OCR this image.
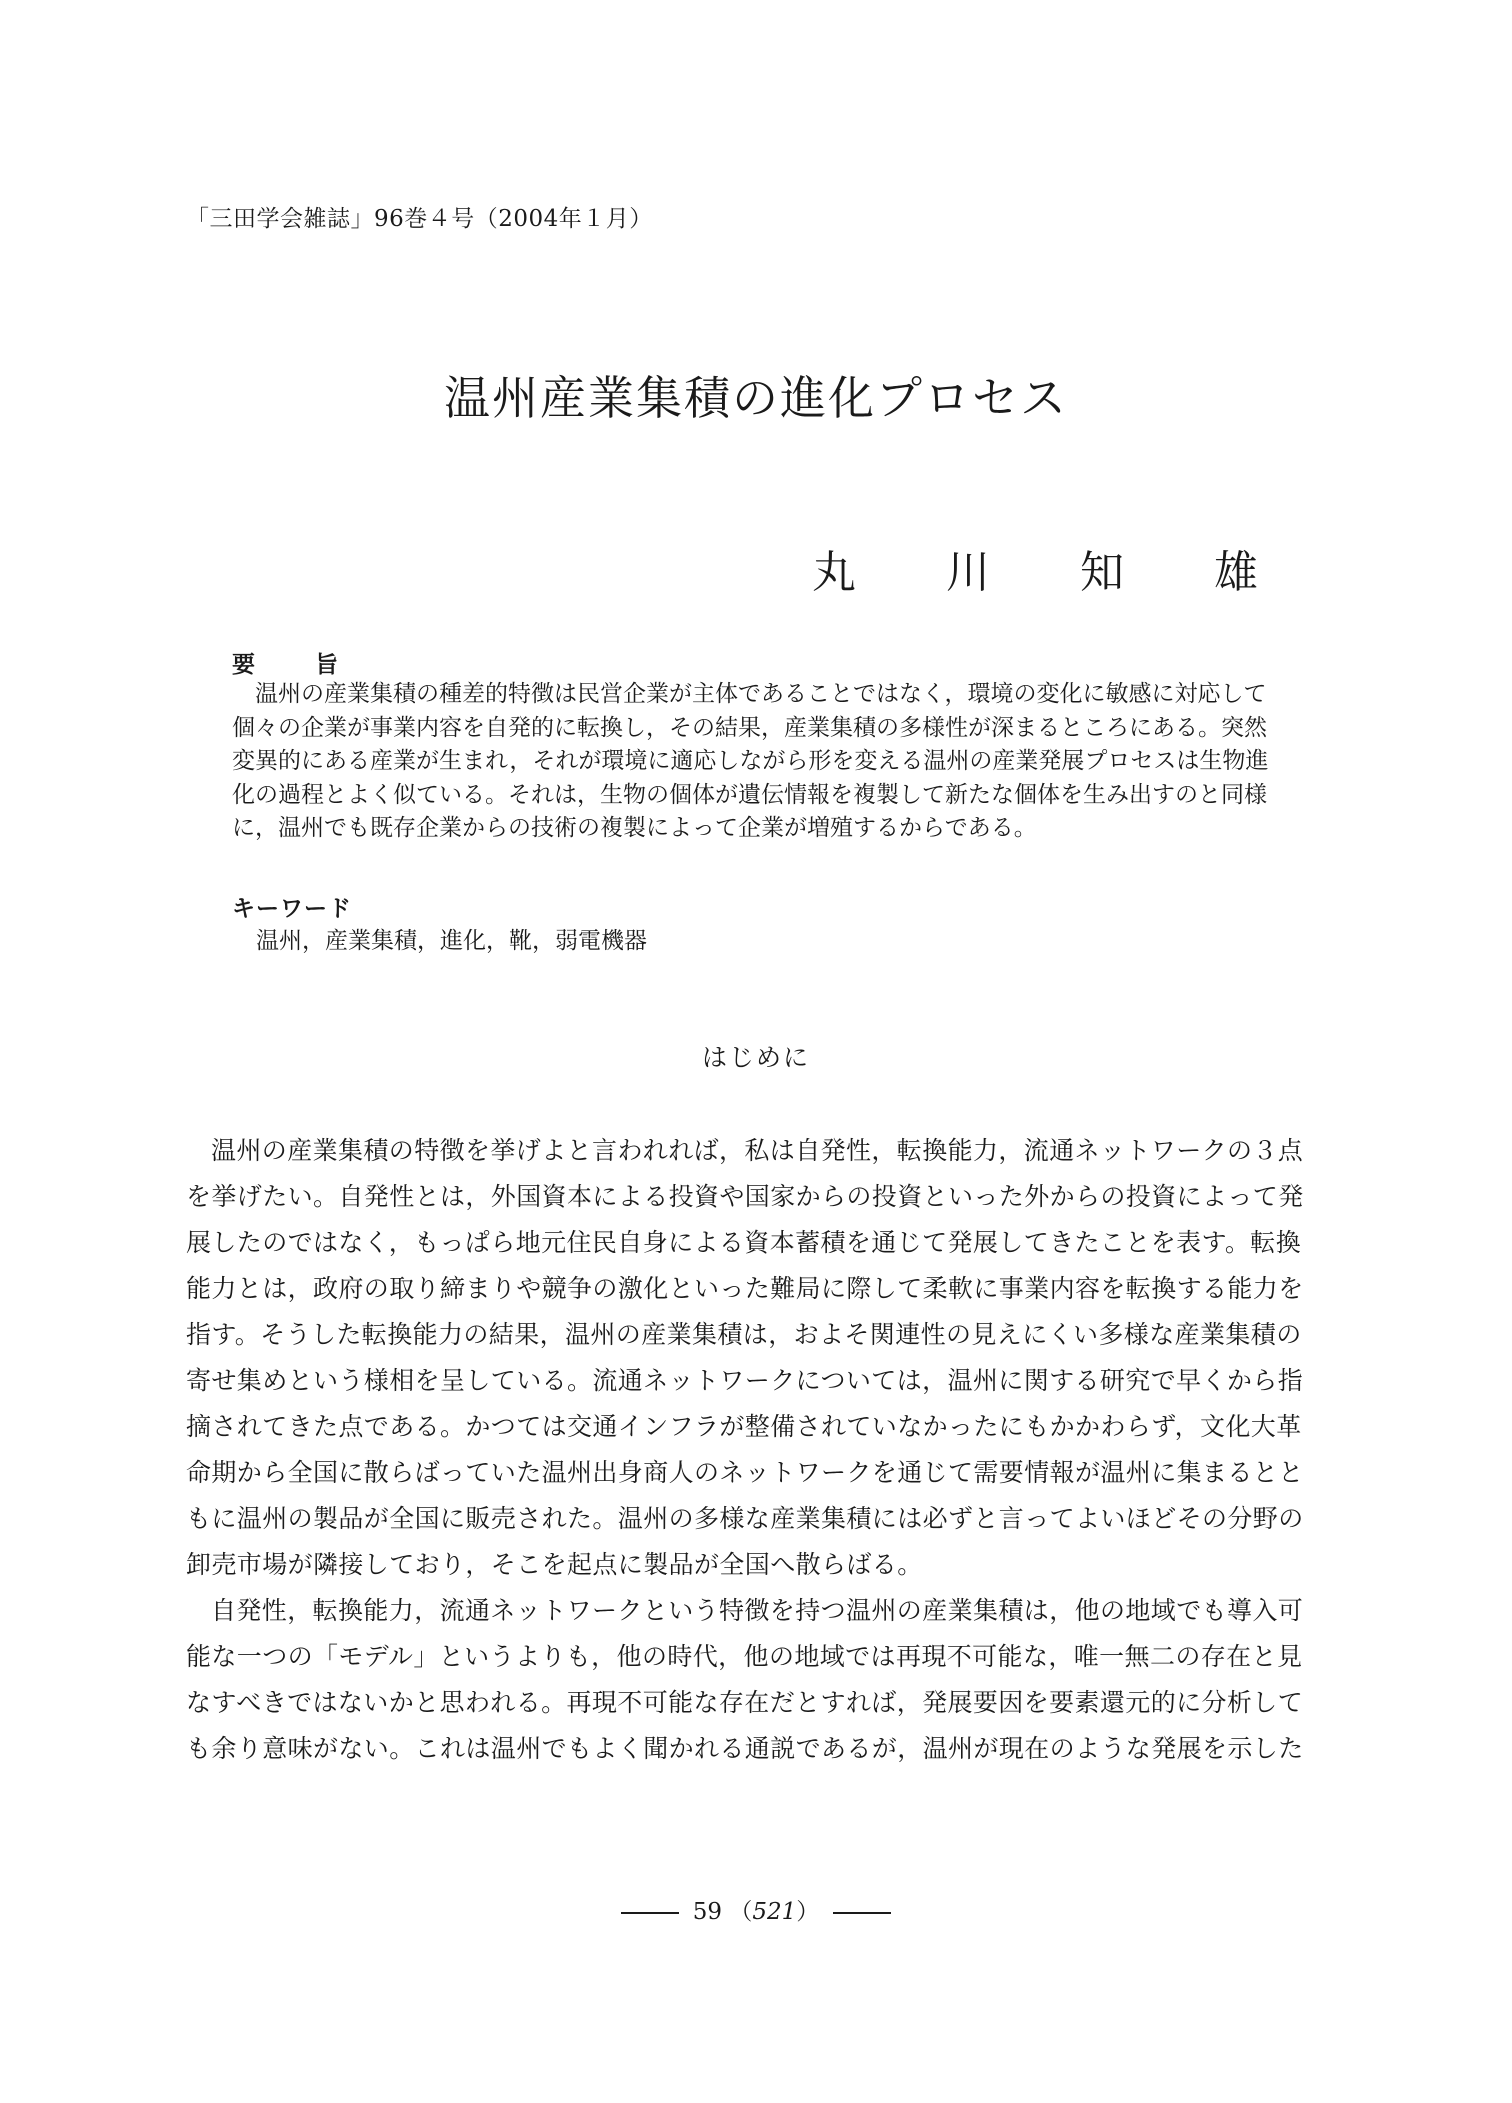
「三田学会雑誌」96巻４号（2004年１月）
温州産業集積の進化プロセス
丸 川 知 雄
要旨

温州の産業集積の種差的特徴は民営企業が主体であることではなく，環境の変化に敏感に対応して個々の企業が事業内容を自発的に転換し，その結果，産業集積の多様性が深まるところにある。突然変異的にある産業が生まれ，それが環境に適応しながら形を変える温州の産業発展プロセスは生物進化の過程とよく似ている。それは，生物の個体が遺伝情報を複製して新たな個体を生み出すのと同様に，温州でも既存企業からの技術の複製によって企業が増殖するからである。

キーワード
温州，産業集積，進化，靴，弱電機器
はじめに

温州の産業集積の特徴を挙げよと言われれば，私は自発性，転換能力，流通ネットワークの３点を挙げたい。自発性とは，外国資本による投資や国家からの投資といった外からの投資によって発展したのではなく，もっぱら地元住民自身による資本蓄積を通じて発展してきたことを表す。転換能力とは，政府の取り締まりや競争の激化といった難局に際して柔軟に事業内容を転換する能力を指す。そうした転換能力の結果，温州の産業集積は，およそ関連性の見えにくい多様な産業集積の寄せ集めという様相を呈している。流通ネットワークについては，温州に関する研究で早くから指摘されてきた点である。かつては交通インフラが整備されていなかったにもかかわらず，文化大革命期から全国に散らばっていた温州出身商人のネットワークを通じて需要情報が温州に集まるとともに温州の製品が全国に販売された。温州の多様な産業集積には必ずと言ってよいほどその分野の卸売市場が隣接しており，そこを起点に製品が全国へ散らばる。

自発性，転換能力，流通ネットワークという特徴を持つ温州の産業集積は，他の地域でも導入可能な一つの「モデル」というよりも，他の時代，他の地域では再現不可能な，唯一無二の存在と見なすべきではないかと思われる。再現不可能な存在だとすれば，発展要因を要素還元的に分析しても余り意味がない。これは温州でもよく聞かれる通説であるが，温州が現在のような発展を示した

59 （521）
